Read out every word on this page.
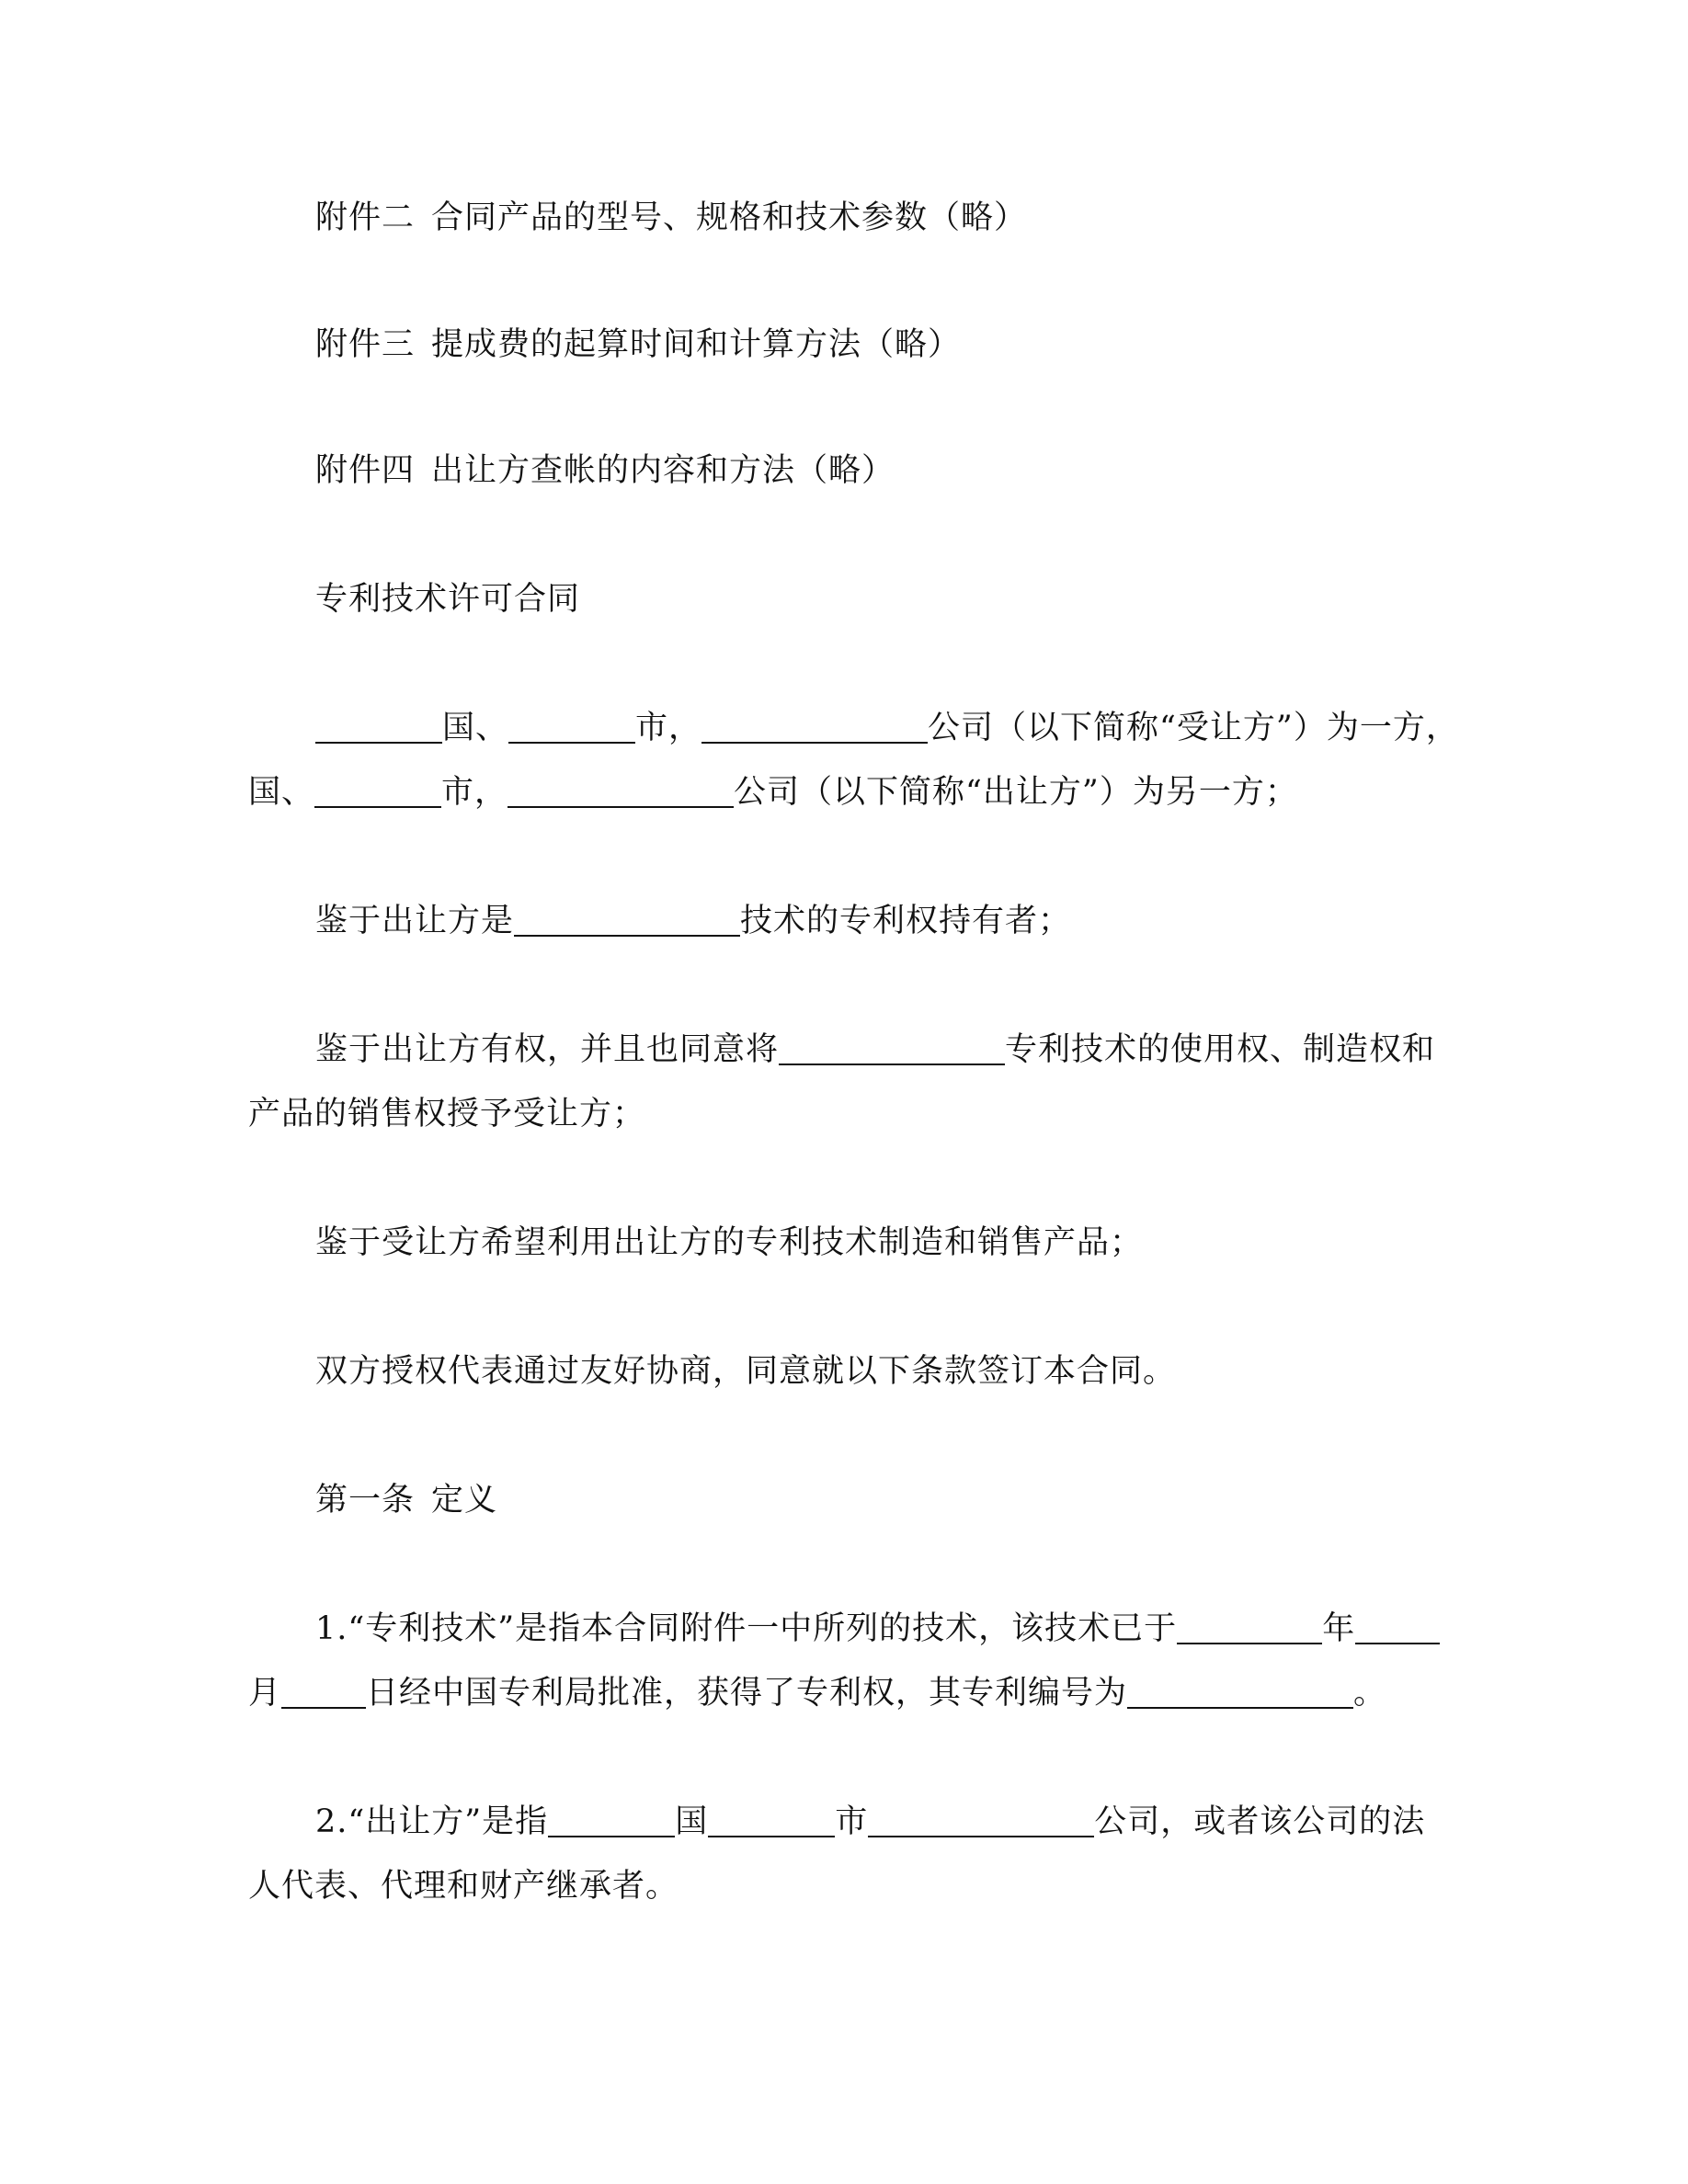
附件二 合同产品的型号、规格和技术参数（略）
附件三 提成费的起算时间和计算方法（略）
附件四 出让方查帐的内容和方法（略）
专利技术许可合同
国、	市，	公司（以下简称“受让方”）为一方，
国、	市，	公司（以下简称“出让方”）为另一方；
鉴于出让方是	技术的专利权持有者；
鉴于出让方有权，并且也同意将	专利技术的使用权、制造权和
产品的销售权授予受让方；
鉴于受让方希望利用出让方的专利技术制造和销售产品；
双方授权代表通过友好协商，同意就以下条款签订本合同。
第一条 定义
1.“专利技术”是指本合同附件一中所列的技术，该技术已于	年
月	日经中国专利局批准，获得了专利权，其专利编号为	。
2.“出让方”是指	国	市	公司，或者该公司的法
人代表、代理和财产继承者。
